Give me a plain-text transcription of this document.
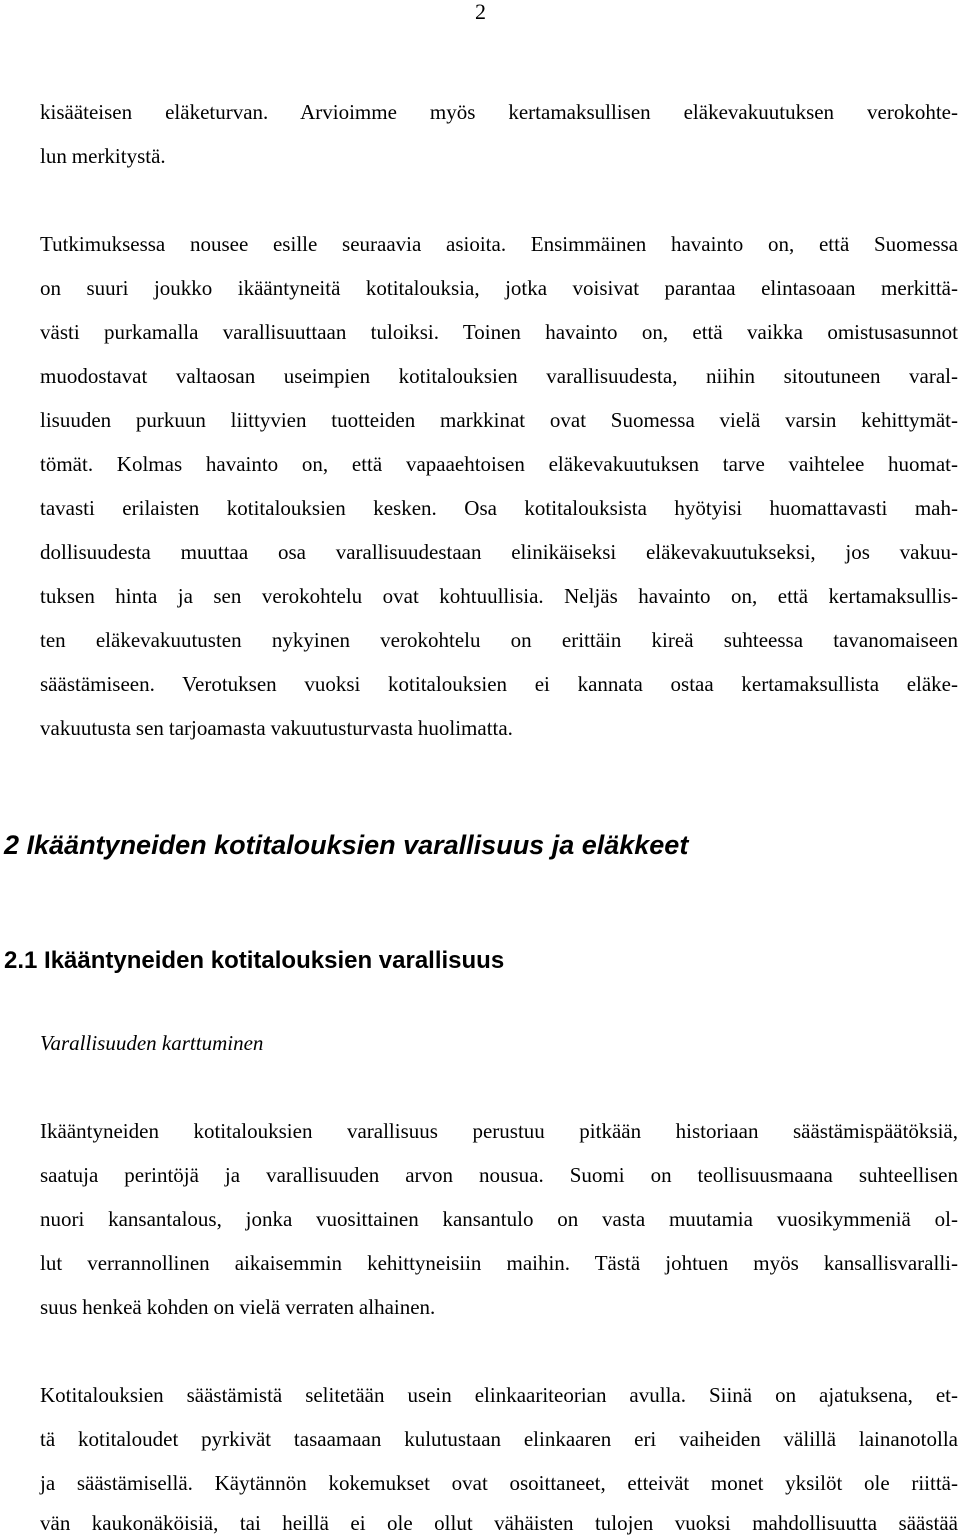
2
kisääteisen eläketurvan. Arvioimme myös kertamaksullisen eläkevakuutuksen verokohte-
lun merkitystä.
Tutkimuksessa nousee esille seuraavia asioita. Ensimmäinen havainto on, että Suomessa
on suuri joukko ikääntyneitä kotitalouksia, jotka voisivat parantaa elintasoaan merkittä-
västi purkamalla varallisuuttaan tuloiksi. Toinen havainto on, että vaikka omistusasunnot
muodostavat valtaosan useimpien kotitalouksien varallisuudesta, niihin sitoutuneen varal-
lisuuden purkuun liittyvien tuotteiden markkinat ovat Suomessa vielä varsin kehittymät-
tömät. Kolmas havainto on, että vapaaehtoisen eläkevakuutuksen tarve vaihtelee huomat-
tavasti erilaisten kotitalouksien kesken. Osa kotitalouksista hyötyisi huomattavasti mah-
dollisuudesta muuttaa osa varallisuudestaan elinikäiseksi eläkevakuutukseksi, jos vakuu-
tuksen hinta ja sen verokohtelu ovat kohtuullisia. Neljäs havainto on, että kertamaksullis-
ten eläkevakuutusten nykyinen verokohtelu on erittäin kireä suhteessa tavanomaiseen
säästämiseen. Verotuksen vuoksi kotitalouksien ei kannata ostaa kertamaksullista eläke-
vakuutusta sen tarjoamasta vakuutusturvasta huolimatta.
2 Ikääntyneiden kotitalouksien varallisuus ja eläkkeet
2.1 Ikääntyneiden kotitalouksien varallisuus
Varallisuuden karttuminen
Ikääntyneiden kotitalouksien varallisuus perustuu pitkään historiaan säästämispäätöksiä,
saatuja perintöjä ja varallisuuden arvon nousua. Suomi on teollisuusmaana suhteellisen
nuori kansantalous, jonka vuosittainen kansantulo on vasta muutamia vuosikymmeniä ol-
lut verrannollinen aikaisemmin kehittyneisiin maihin. Tästä johtuen myös kansallisvaralli-
suus henkeä kohden on vielä verraten alhainen.
Kotitalouksien säästämistä selitetään usein elinkaariteorian avulla. Siinä on ajatuksena, et-
tä kotitaloudet pyrkivät tasaamaan kulutustaan elinkaaren eri vaiheiden välillä lainanotolla
ja säästämisellä. Käytännön kokemukset ovat osoittaneet, etteivät monet yksilöt ole riittä-
vän kaukonäköisiä, tai heillä ei ole ollut vähäisten tulojen vuoksi mahdollisuutta säästää
